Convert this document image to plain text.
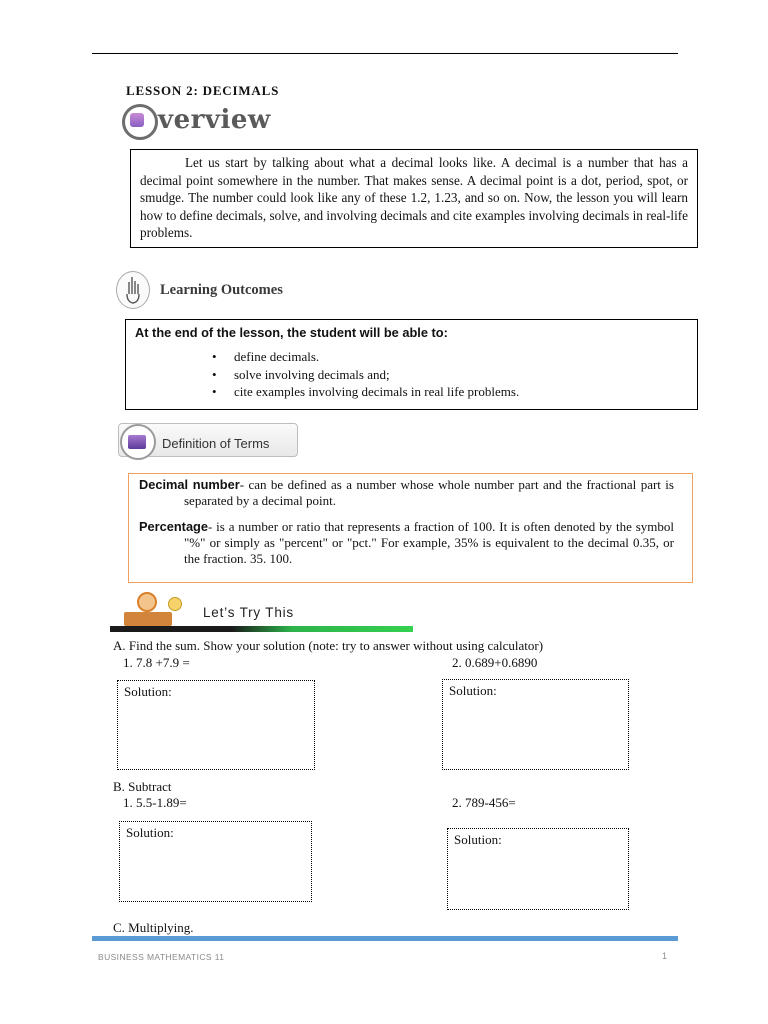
LESSON 2: DECIMALS
verview
Let us start by talking about what a decimal looks like. A decimal is a number that has a decimal point somewhere in the number. That makes sense. A decimal point is a dot, period, spot, or smudge. The number could look like any of these 1.2, 1.23, and so on. Now, the lesson you will learn how to define decimals, solve, and involving decimals and cite examples involving decimals in real-life problems.
Learning Outcomes
At the end of the lesson, the student will be able to:
• define decimals.
• solve involving decimals and;
• cite examples involving decimals in real life problems.
Definition of Terms

Decimal number- can be defined as a number whose whole number part and the fractional part is separated by a decimal point.

Percentage- is a number or ratio that represents a fraction of 100. It is often denoted by the symbol "%" or simply as "percent" or "pct." For example, 35% is equivalent to the decimal 0.35, or the fraction. 35. 100.

Let’s Try This
A. Find the sum. Show your solution (note: try to answer without using calculator)
1. 7.8 +7.9 =	2. 0.689+0.6890
Solution:	Solution:
B. Subtract
1. 5.5-1.89=	2. 789-456=
Solution:	Solution:
C. Multiplying.
BUSINESS MATHEMATICS 11	1
